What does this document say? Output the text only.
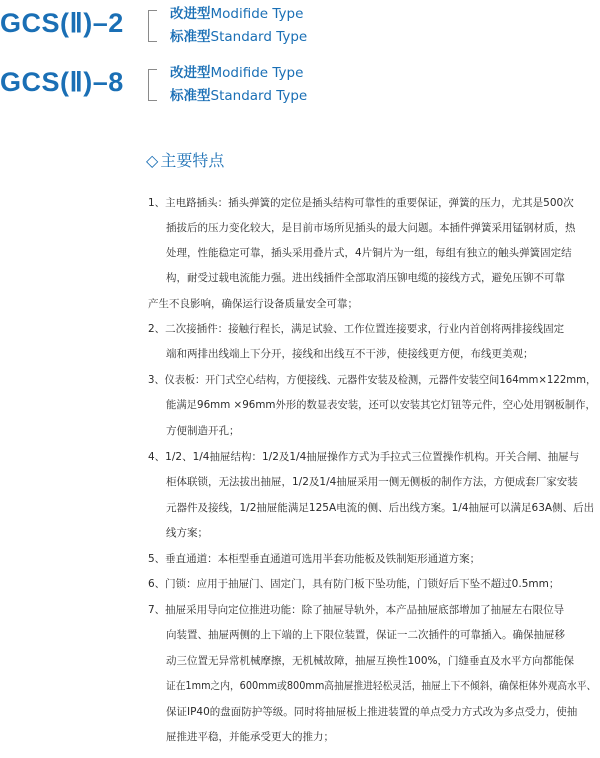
GCS(Ⅱ)–2	改进型Modifide Type
标准型Standard Type
GCS(Ⅱ)–8	改进型Modifide Type
标准型Standard Type
◇ 主要特点
1、主电路插头：插头弹簧的定位是插头结构可靠性的重要保证，弹簧的压力，尤其是500次
插拔后的压力变化较大，是目前市场所见插头的最大问题。本插件弹簧采用锰钢材质，热
处理，性能稳定可靠，插头采用叠片式，4片铜片为一组，每组有独立的触头弹簧固定结
构，耐受过载电流能力强。进出线插件全部取消压铆电缆的接线方式，避免压铆不可靠
产生不良影响，确保运行设备质量安全可靠；
2、二次接插件：接触行程长，满足试验、工作位置连接要求，行业内首创将两排接线固定
端和两排出线端上下分开，接线和出线互不干涉，使接线更方便，布线更美观；
3、仪表板：开门式空心结构，方便接线、元器件安装及检测，元器件安装空间164mm×122mm，
能满足96mm ×96mm外形的数显表安装，还可以安装其它灯钮等元件，空心处用钢板制作，
方便制造开孔；
4、1/2、1/4抽屉结构：1/2及1/4抽屉操作方式为手拉式三位置操作机构。开关合闸、抽屉与
柜体联锁，无法拔出抽屉，1/2及1/4抽屉采用一侧无侧板的制作方法，方便成套厂家安装
元器件及接线，1/2抽屉能满足125A电流的侧、后出线方案。1/4抽屉可以满足63A侧、后出
线方案；
5、垂直通道：本柜型垂直通道可选用半套功能板及铁制矩形通道方案；
6、门锁：应用于抽屉门、固定门，具有防门板下坠功能，门锁好后下坠不超过0.5mm；
7、抽屉采用导向定位推进功能：除了抽屉导轨外，本产品抽屉底部增加了抽屉左右限位导
向装置、抽屉两侧的上下端的上下限位装置，保证一二次插件的可靠插入。确保抽屉移
动三位置无异常机械摩擦，无机械故障，抽屉互换性100%，门缝垂直及水平方向都能保
证在1mm之内，600mm或800mm高抽屉推进轻松灵活，抽屉上下不倾斜，确保柜体外观高水平、
保证IP40的盘面防护等级。同时将抽屉板上推进装置的单点受力方式改为多点受力，使抽
屉推进平稳，并能承受更大的推力；
